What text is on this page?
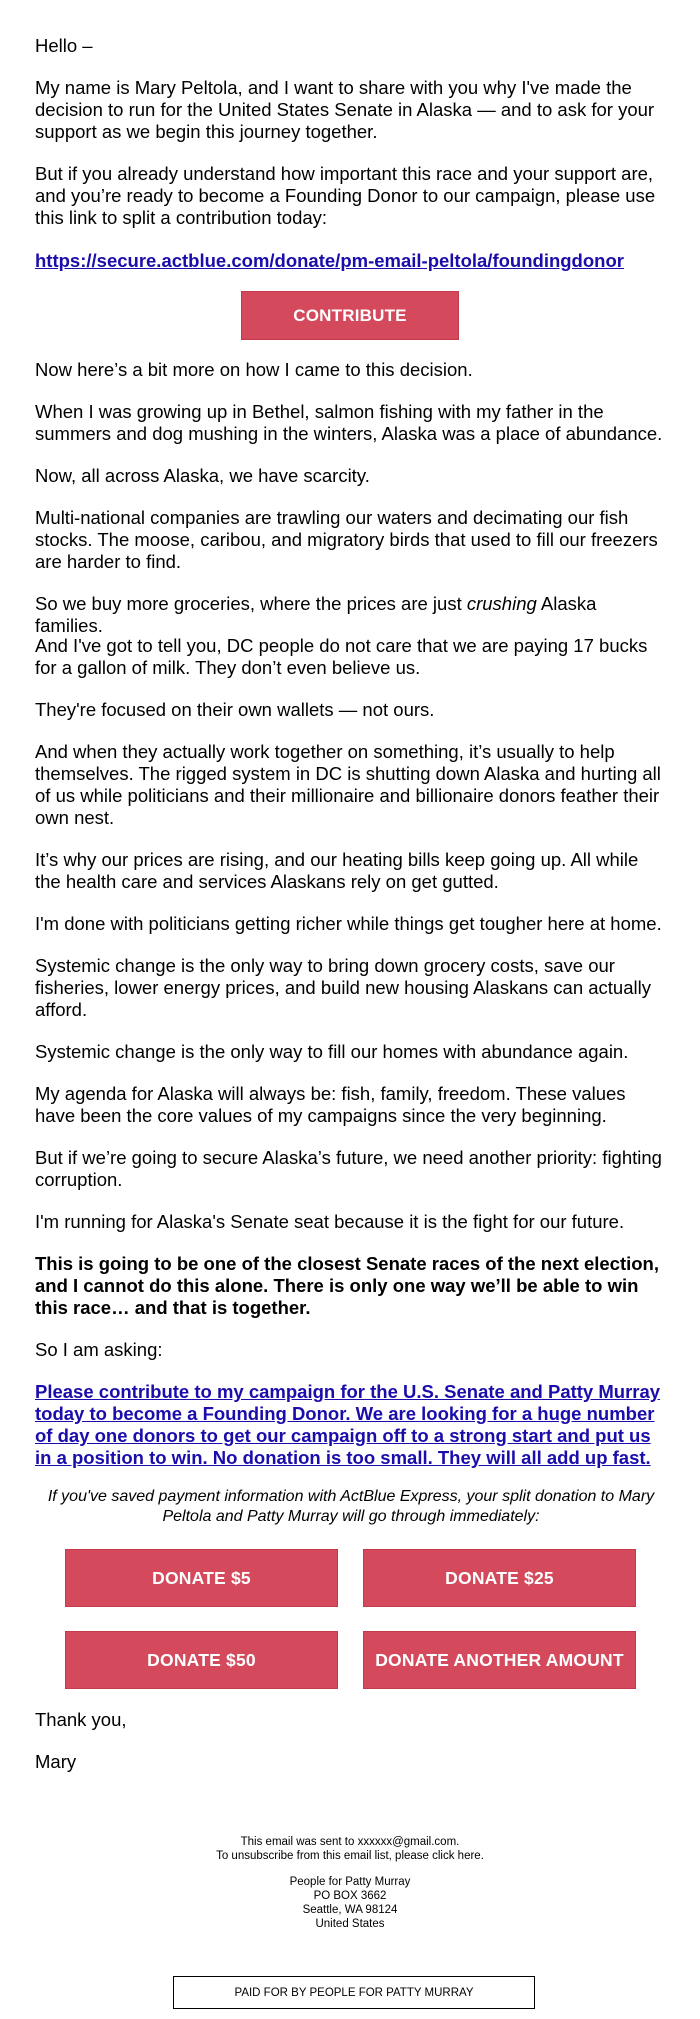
Hello –

My name is Mary Peltola, and I want to share with you why I've made the decision to run for the United States Senate in Alaska — and to ask for your support as we begin this journey together.

But if you already understand how important this race and your support are, and you’re ready to become a Founding Donor to our campaign, please use this link to split a contribution today:

https://secure.actblue.com/donate/pm-email-peltola/foundingdonor

CONTRIBUTE

Now here’s a bit more on how I came to this decision.

When I was growing up in Bethel, salmon fishing with my father in the summers and dog mushing in the winters, Alaska was a place of abundance.

Now, all across Alaska, we have scarcity.

Multi-national companies are trawling our waters and decimating our fish stocks. The moose, caribou, and migratory birds that used to fill our freezers are harder to find.

So we buy more groceries, where the prices are just crushing Alaska families.

And I've got to tell you, DC people do not care that we are paying 17 bucks for a gallon of milk. They don’t even believe us.

They're focused on their own wallets — not ours.

And when they actually work together on something, it’s usually to help themselves. The rigged system in DC is shutting down Alaska and hurting all of us while politicians and their millionaire and billionaire donors feather their own nest.

It’s why our prices are rising, and our heating bills keep going up. All while the health care and services Alaskans rely on get gutted.

I'm done with politicians getting richer while things get tougher here at home.

Systemic change is the only way to bring down grocery costs, save our fisheries, lower energy prices, and build new housing Alaskans can actually afford.

Systemic change is the only way to fill our homes with abundance again.

My agenda for Alaska will always be: fish, family, freedom. These values have been the core values of my campaigns since the very beginning.

But if we’re going to secure Alaska’s future, we need another priority: fighting corruption.

I'm running for Alaska's Senate seat because it is the fight for our future.

This is going to be one of the closest Senate races of the next election, and I cannot do this alone. There is only one way we’ll be able to win this race… and that is together.

So I am asking:

Please contribute to my campaign for the U.S. Senate and Patty Murray today to become a Founding Donor. We are looking for a huge number of day one donors to get our campaign off to a strong start and put us in a position to win. No donation is too small. They will all add up fast.

If you've saved payment information with ActBlue Express, your split donation to Mary Peltola and Patty Murray will go through immediately:

DONATE $5	DONATE $25
DONATE $50	DONATE ANOTHER AMOUNT

Thank you,

Mary

This email was sent to xxxxxx@gmail.com.
To unsubscribe from this email list, please click here.
People for Patty Murray
PO BOX 3662
Seattle, WA 98124
United States
PAID FOR BY PEOPLE FOR PATTY MURRAY
